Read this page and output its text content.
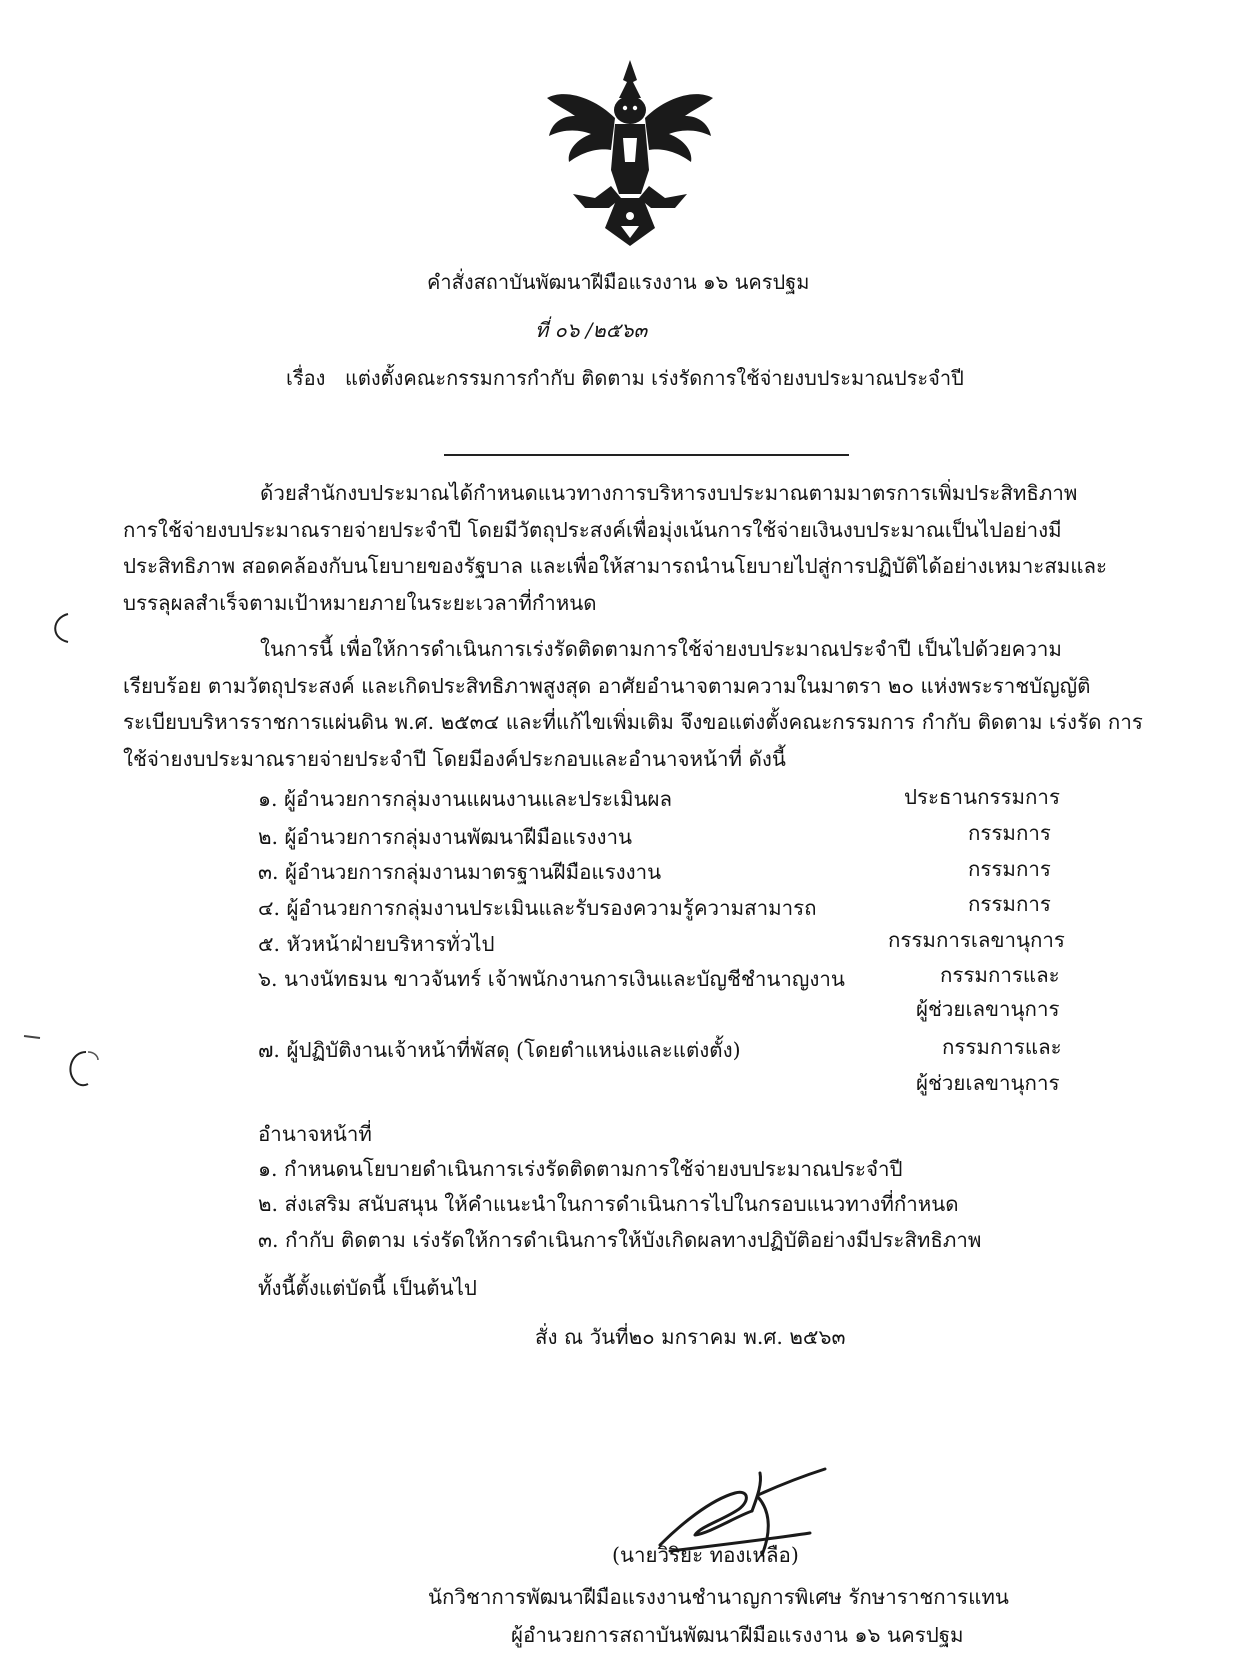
คำสั่งสถาบันพัฒนาฝีมือแรงงาน ๑๖ นครปฐม
ที่ ๐๖ /๒๕๖๓
เรื่อง แต่งตั้งคณะกรรมการกำกับ ติดตาม เร่งรัดการใช้จ่ายงบประมาณประจำปี
ด้วยสำนักงบประมาณได้กำหนดแนวทางการบริหารงบประมาณตามมาตรการเพิ่มประสิทธิภาพ
การใช้จ่ายงบประมาณรายจ่ายประจำปี โดยมีวัตถุประสงค์เพื่อมุ่งเน้นการใช้จ่ายเงินงบประมาณเป็นไปอย่างมี
ประสิทธิภาพ สอดคล้องกับนโยบายของรัฐบาล และเพื่อให้สามารถนำนโยบายไปสู่การปฏิบัติได้อย่างเหมาะสมและ
บรรลุผลสำเร็จตามเป้าหมายภายในระยะเวลาที่กำหนด
ในการนี้ เพื่อให้การดำเนินการเร่งรัดติดตามการใช้จ่ายงบประมาณประจำปี เป็นไปด้วยความ
เรียบร้อย ตามวัตถุประสงค์ และเกิดประสิทธิภาพสูงสุด อาศัยอำนาจตามความในมาตรา ๒๐ แห่งพระราชบัญญัติ
ระเบียบบริหารราชการแผ่นดิน พ.ศ. ๒๕๓๔ และที่แก้ไขเพิ่มเติม จึงขอแต่งตั้งคณะกรรมการ กำกับ ติดตาม เร่งรัด การ
ใช้จ่ายงบประมาณรายจ่ายประจำปี โดยมีองค์ประกอบและอำนาจหน้าที่ ดังนี้
๑. ผู้อำนวยการกลุ่มงานแผนงานและประเมินผล	ประธานกรรมการ
๒. ผู้อำนวยการกลุ่มงานพัฒนาฝีมือแรงงาน	กรรมการ
๓. ผู้อำนวยการกลุ่มงานมาตรฐานฝีมือแรงงาน	กรรมการ
๔. ผู้อำนวยการกลุ่มงานประเมินและรับรองความรู้ความสามารถ	กรรมการ
๕. หัวหน้าฝ่ายบริหารทั่วไป	กรรมการเลขานุการ
๖. นางนัทธมน ขาวจันทร์ เจ้าพนักงานการเงินและบัญชีชำนาญงาน	กรรมการและ
ผู้ช่วยเลขานุการ
๗. ผู้ปฏิบัติงานเจ้าหน้าที่พัสดุ (โดยตำแหน่งและแต่งตั้ง)	กรรมการและ
ผู้ช่วยเลขานุการ
อำนาจหน้าที่
๑. กำหนดนโยบายดำเนินการเร่งรัดติดตามการใช้จ่ายงบประมาณประจำปี
๒. ส่งเสริม สนับสนุน ให้คำแนะนำในการดำเนินการไปในกรอบแนวทางที่กำหนด
๓. กำกับ ติดตาม เร่งรัดให้การดำเนินการให้บังเกิดผลทางปฏิบัติอย่างมีประสิทธิภาพ
ทั้งนี้ตั้งแต่บัดนี้ เป็นต้นไป
สั่ง ณ วันที่๒๐ มกราคม พ.ศ. ๒๕๖๓
(นายวิริยะ ทองเหลือ)
นักวิชาการพัฒนาฝีมือแรงงานชำนาญการพิเศษ รักษาราชการแทน
ผู้อำนวยการสถาบันพัฒนาฝีมือแรงงาน ๑๖ นครปฐม
